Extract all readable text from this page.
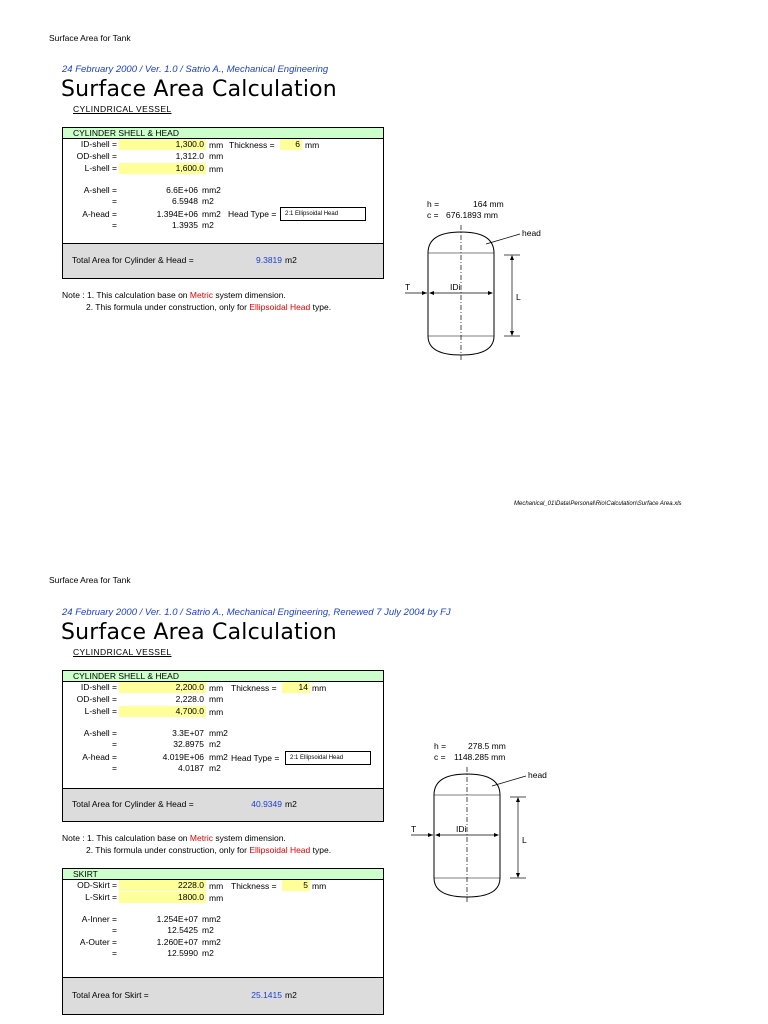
Surface Area for Tank
24 February 2000 / Ver. 1.0 / Satrio A., Mechanical Engineering
Surface Area Calculation
CYLINDRICAL VESSEL
CYLINDER SHELL & HEAD
ID-shell =	1,300.0 mm
OD-shell =	1,312.0 mm
L-shell =	1,600.0 mm
Thickness =	6 mm
A-shell =	6.6E+06 mm2
=	6.5948 m2
A-head =	1.394E+06 mm2
=	1.3935 m2
Head Type =	2:1 Ellipsoidal Head
Total Area for Cylinder & Head =	9.3819 m2
Note : 1. This calculation base on Metric system dimension.
2. This formula under construction, only for Ellipsoidal Head type.
h =	164 mm
c = 676.1893 mm
head
T	IDi
L
Mechanical_01\Data\Personal\Rio\Calculation\Surface Area.xls
Surface Area for Tank
24 February 2000 / Ver. 1.0 / Satrio A., Mechanical Engineering, Renewed 7 July 2004 by FJ
Surface Area Calculation
CYLINDRICAL VESSEL
CYLINDER SHELL & HEAD
ID-shell =	2,200.0 mm
OD-shell =	2,228.0 mm
L-shell =	4,700.0 mm
Thickness =	14 mm
A-shell =	3.3E+07 mm2
=	32.8975 m2
A-head =	4.019E+06 mm2
=	4.0187 m2
Head Type =	2:1 Ellipsoidal Head
Total Area for Cylinder & Head =	40.9349 m2
Note : 1. This calculation base on Metric system dimension.
2. This formula under construction, only for Ellipsoidal Head type.
h =	278.5 mm
c = 1148.285 mm
head
T	IDi
L
SKIRT
OD-Skirt =	2228.0 mm
L-Skirt =	1800.0 mm
Thickness =	5 mm
A-Inner =	1.254E+07 mm2
=	12.5425 m2
A-Outer =	1.260E+07 mm2
=	12.5990 m2
Total Area for Skirt =	25.1415 m2
